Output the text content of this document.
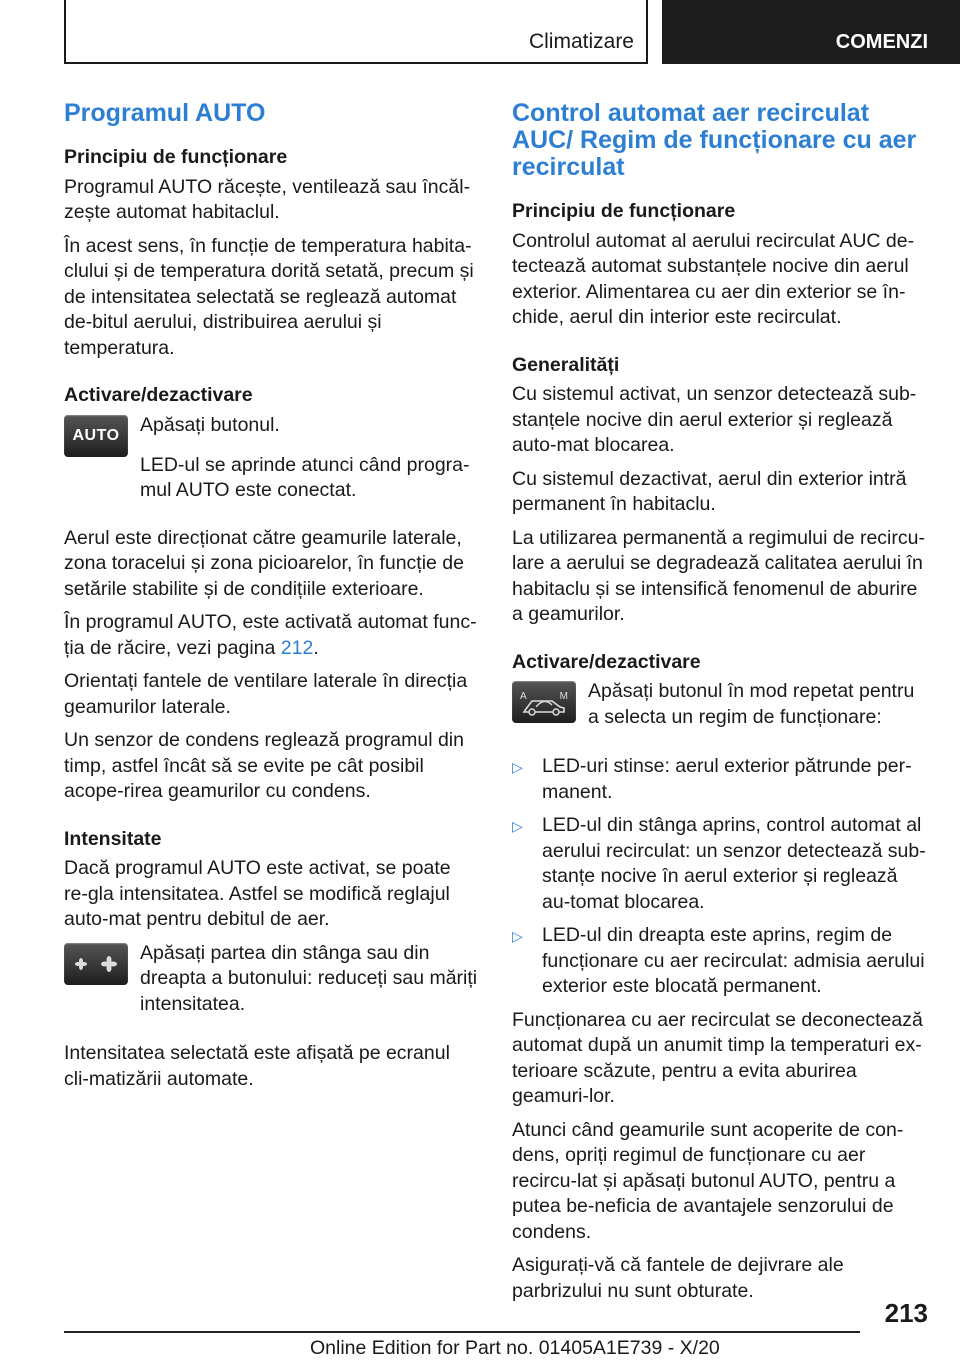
Climatizare	COMENZI
Programul AUTO
Principiu de funcționare

Programul AUTO răcește, ventilează sau încăl-zește automat habitaclul.

În acest sens, în funcție de temperatura habita-clului și de temperatura dorită setată, precum și de intensitatea selectată se reglează automat de-bitul aerului, distribuirea aerului și temperatura.

Activare/dezactivare
AUTO Apăsați butonul.

LED-ul se aprinde atunci când progra-mul AUTO este conectat.

Aerul este direcționat către geamurile laterale, zona toracelui și zona picioarelor, în funcție de setările stabilite și de condițiile exterioare.

În programul AUTO, este activată automat func-ția de răcire, vezi pagina 212.

Orientați fantele de ventilare laterale în direcția geamurilor laterale.

Un senzor de condens reglează programul din timp, astfel încât să se evite pe cât posibil acope-rirea geamurilor cu condens.

Intensitate

Dacă programul AUTO este activat, se poate re-gla intensitatea. Astfel se modifică reglajul auto-mat pentru debitul de aer.

Apăsați partea din stânga sau din dreapta a butonului: reduceți sau măriți intensitatea.

Intensitatea selectată este afișată pe ecranul cli-matizării automate.

Control automat aer recirculat AUC/ Regim de funcționare cu aer recirculat
Principiu de funcționare

Controlul automat al aerului recirculat AUC de-tectează automat substanțele nocive din aerul exterior. Alimentarea cu aer din exterior se în-chide, aerul din interior este recirculat.

Generalități

Cu sistemul activat, un senzor detectează sub-stanțele nocive din aerul exterior și reglează auto-mat blocarea.

Cu sistemul dezactivat, aerul din exterior intră permanent în habitaclu.

La utilizarea permanentă a regimului de recircu-lare a aerului se degradează calitatea aerului în habitaclu și se intensifică fenomenul de aburire a geamurilor.

Activare/dezactivare
A	M Apăsați butonul în mod repetat pentru a selecta un regim de funcționare:

▷ LED-uri stinse: aerul exterior pătrunde per-manent.
▷ LED-ul din stânga aprins, control automat al aerului recirculat: un senzor detectează sub-stanțe nocive în aerul exterior și reglează au-tomat blocarea.
▷ LED-ul din dreapta este aprins, regim de funcționare cu aer recirculat: admisia aerului exterior este blocată permanent.

Funcționarea cu aer recirculat se deconectează automat după un anumit timp la temperaturi ex-terioare scăzute, pentru a evita aburirea geamuri-lor.

Atunci când geamurile sunt acoperite de con-dens, opriți regimul de funcționare cu aer recircu-lat și apăsați butonul AUTO, pentru a putea be-neficia de avantajele senzorului de condens.

Asigurați-vă că fantele de dejivrare ale parbrizului nu sunt obturate.

213
Online Edition for Part no. 01405A1E739 - X/20
